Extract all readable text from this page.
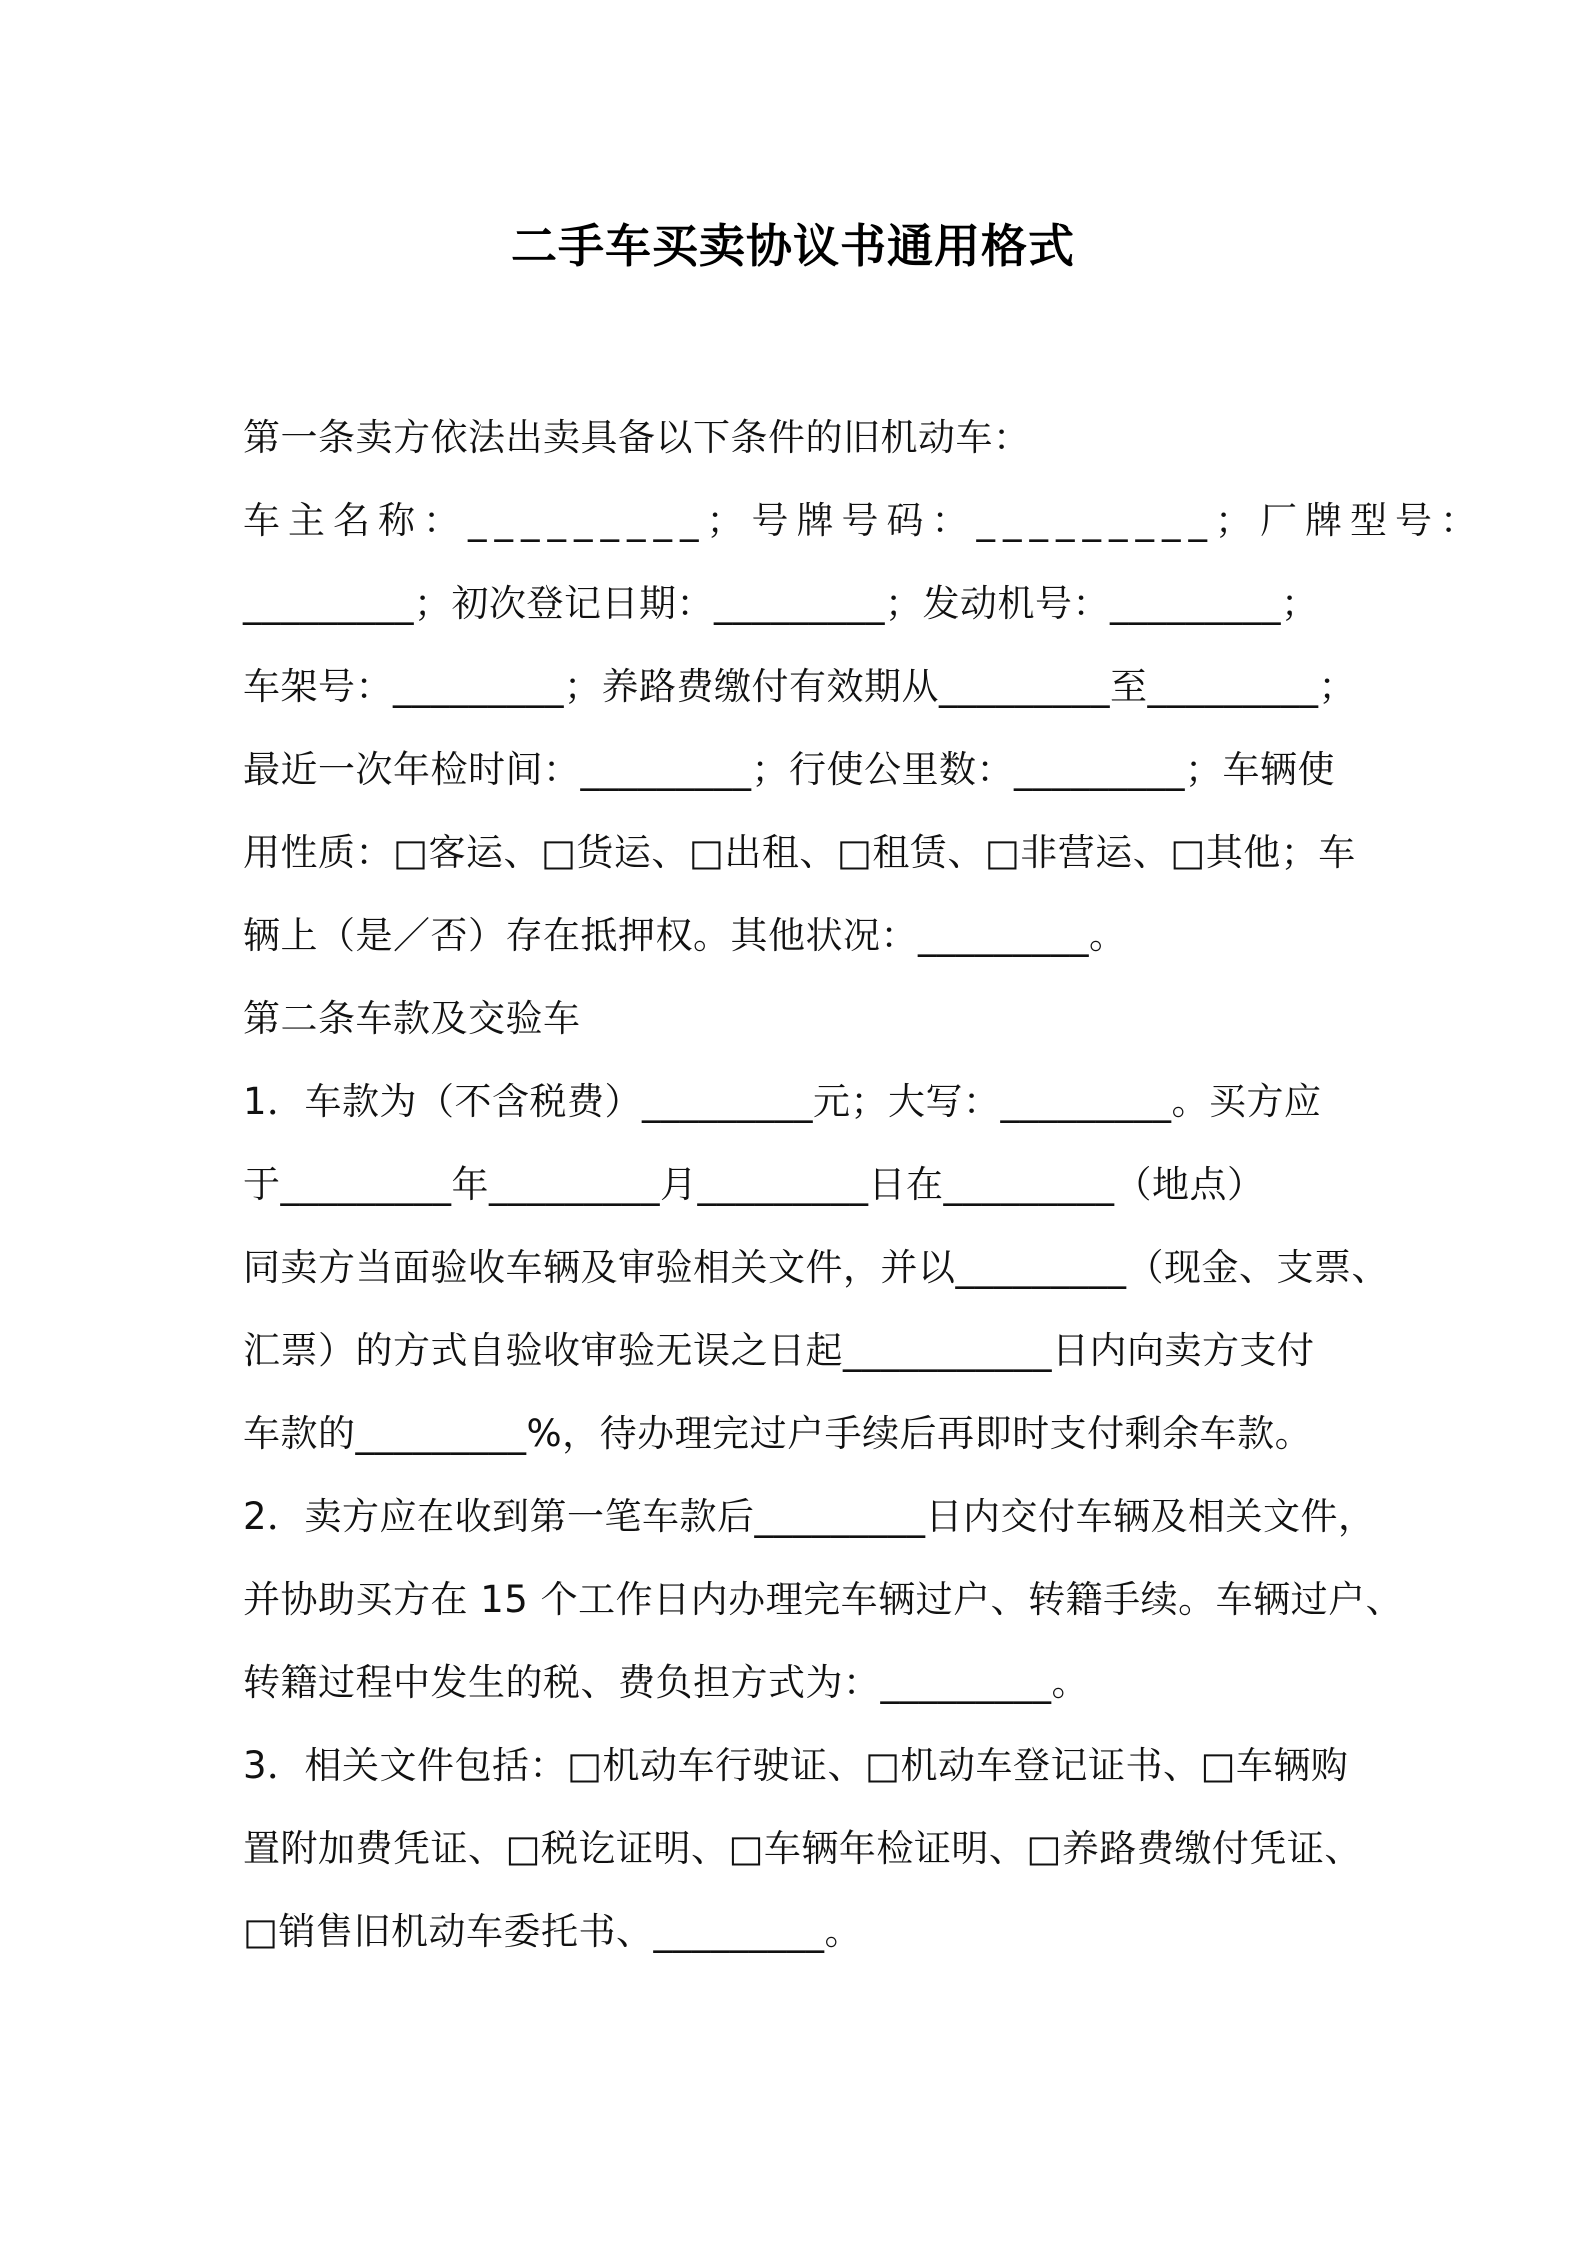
二手车买卖协议书通用格式
第一条卖方依法出卖具备以下条件的旧机动车：
车主名称：_________；号牌号码：_________；厂牌型号：
_________；初次登记日期：_________；发动机号：_________；
车架号：_________；养路费缴付有效期从_________至_________；
最近一次年检时间：_________；行使公里数：_________；车辆使
用性质：□客运、□货运、□出租、□租赁、□非营运、□其他；车
辆上（是／否）存在抵押权。其他状况：_________。
第二条车款及交验车
1．车款为（不含税费）_________元；大写：_________。买方应
于_________年_________月_________日在_________（地点）
同卖方当面验收车辆及审验相关文件，并以_________（现金、支票、
汇票）的方式自验收审验无误之日起___________日内向卖方支付
车款的_________%，待办理完过户手续后再即时支付剩余车款。
2．卖方应在收到第一笔车款后_________日内交付车辆及相关文件，
并协助买方在 15 个工作日内办理完车辆过户、转籍手续。车辆过户、
转籍过程中发生的税、费负担方式为：_________。
3．相关文件包括：□机动车行驶证、□机动车登记证书、□车辆购
置附加费凭证、□税讫证明、□车辆年检证明、□养路费缴付凭证、
□销售旧机动车委托书、_________。
